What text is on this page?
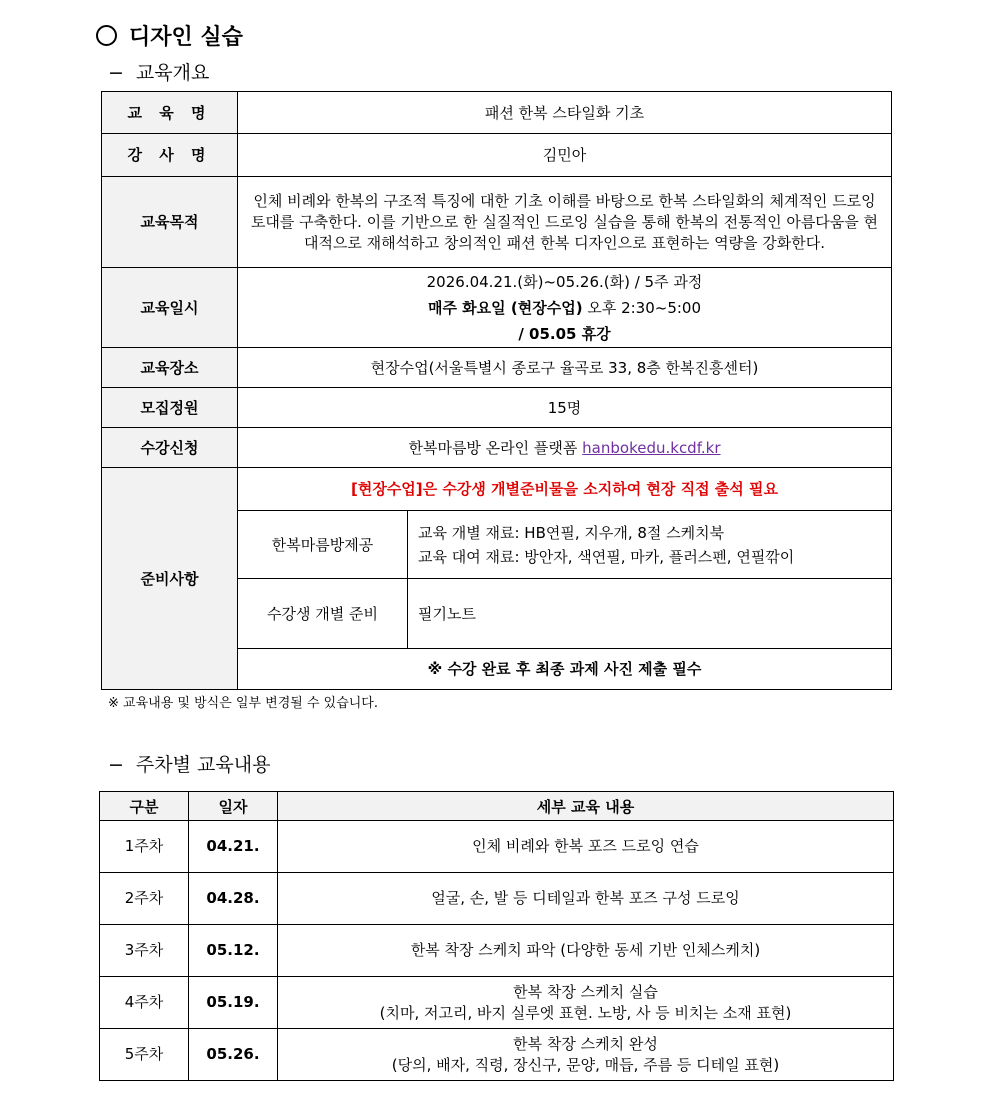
디자인 실습
− 교육개요
교 육 명	패션 한복 스타일화 기초	
강 사 명	김민아	
교육목적	인체 비례와 한복의 구조적 특징에 대한 기초 이해를 바탕으로 한복 스타일화의 체계적인 드로잉 토대를 구축한다. 이를 기반으로 한 실질적인 드로잉 실습을 통해 한복의 전통적인 아름다움을 현대적으로 재해석하고 창의적인 패션 한복 디자인으로 표현하는 역량을 강화한다.	
교육일시	2026.04.21.(화)~05.26.(화) / 5주 과정
매주 화요일 (현장수업) 오후 2:30~5:00
/ 05.05 휴강	

교육장소	현장수업(서울특별시 종로구 율곡로 33, 8층 한복진흥센터)	
모집정원	15명	
수강신청	한복마름방 온라인 플랫폼 hanbokedu.kcdf.kr	
준비사항	[현장수업]은 수강생 개별준비물을 소지하여 현장 직접 출석 필요	
	한복마름방제공	교육 개별 재료: HB연필, 지우개, 8절 스케치북
교육 대여 재료: 방안자, 색연필, 마카, 플러스펜, 연필깎이

	수강생 개별 준비	필기노트
	※ 수강 완료 후 최종 과제 사진 제출 필수	
※ 교육내용 및 방식은 일부 변경될 수 있습니다.
− 주차별 교육내용
구분	일자	세부 교육 내용
1주차	04.21.	인체 비례와 한복 포즈 드로잉 연습

2주차	04.28.	얼굴, 손, 발 등 디테일과 한복 포즈 구성 드로잉

3주차	05.12.	한복 착장 스케치 파악 (다양한 동세 기반 인체스케치)

4주차	05.19.	한복 착장 스케치 실습
(치마, 저고리, 바지 실루엣 표현. 노방, 사 등 비치는 소재 표현)

5주차	05.26.	한복 착장 스케치 완성
(당의, 배자, 직령, 장신구, 문양, 매듭, 주름 등 디테일 표현)
